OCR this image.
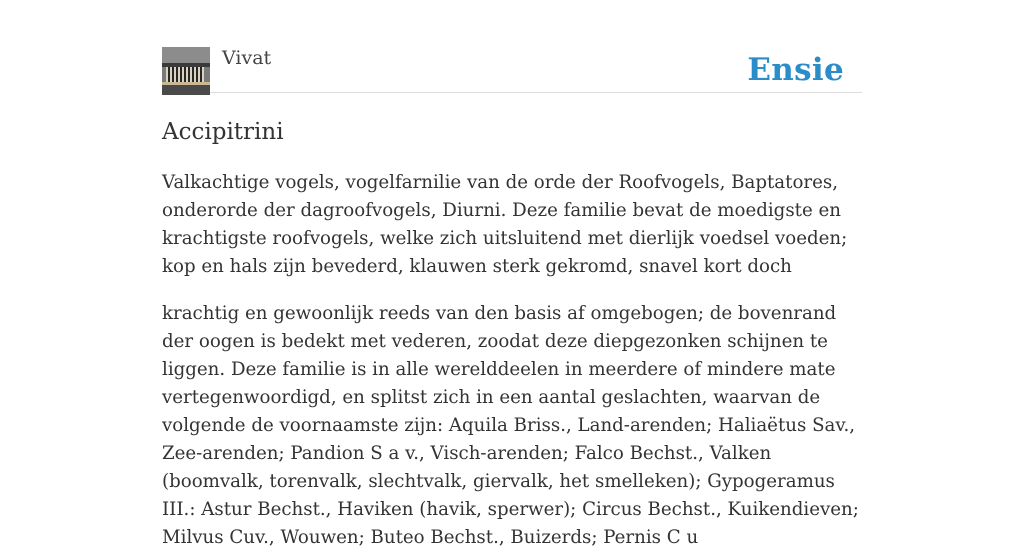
Vivat	Ensie
Accipitrini

Valkachtige vogels, vogelfarnilie van de orde der Roofvogels, Baptatores, onderorde der dagroofvogels, Diurni. Deze familie bevat de moedigste en krachtigste roofvogels, welke zich uitsluitend met dierlijk voedsel voeden; kop en hals zijn bevederd, klauwen sterk gekromd, snavel kort doch

krachtig en gewoonlijk reeds van den basis af omgebogen; de bovenrand der oogen is bedekt met vederen, zoodat deze diepgezonken schijnen te liggen. Deze familie is in alle werelddeelen in meerdere of mindere mate vertegenwoordigd, en splitst zich in een aantal geslachten, waarvan de volgende de voornaamste zijn: Aquila Briss., Land-arenden; Haliaëtus Sav., Zee-arenden; Pandion S a v., Visch-arenden; Falco Bechst., Valken (boomvalk, torenvalk, slechtvalk, giervalk, het smelleken); Gypogeramus III.: Astur Bechst., Haviken (havik, sperwer); Circus Bechst., Kuikendieven; Milvus Cuv., Wouwen; Buteo Bechst., Buizerds; Pernis C u
